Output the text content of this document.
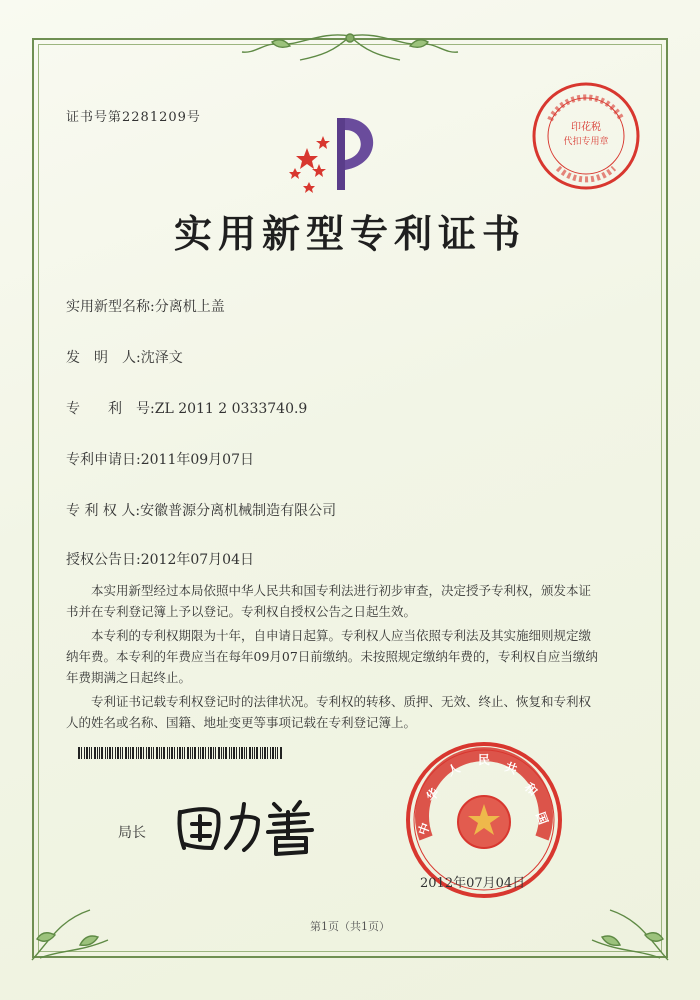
证书号第2281209号
印花税
代扣专用章
实用新型专利证书
实用新型名称:分离机上盖
发　明　人:沈泽文
专　　利　号:ZL 2011 2 0333740.9
专利申请日:2011年09月07日
专 利 权 人:安徽普源分离机械制造有限公司
授权公告日:2012年07月04日

本实用新型经过本局依照中华人民共和国专利法进行初步审查，决定授予专利权，颁发本证书并在专利登记簿上予以登记。专利权自授权公告之日起生效。

本专利的专利权期限为十年，自申请日起算。专利权人应当依照专利法及其实施细则规定缴纳年费。本专利的年费应当在每年09月07日前缴纳。未按照规定缴纳年费的，专利权自应当缴纳年费期满之日起终止。

专利证书记载专利权登记时的法律状况。专利权的转移、质押、无效、终止、恢复和专利权人的姓名或名称、国籍、地址变更等事项记载在专利登记簿上。

局长	中
华
人
民 共
和
国
2012年07月04日
第1页（共1页）
